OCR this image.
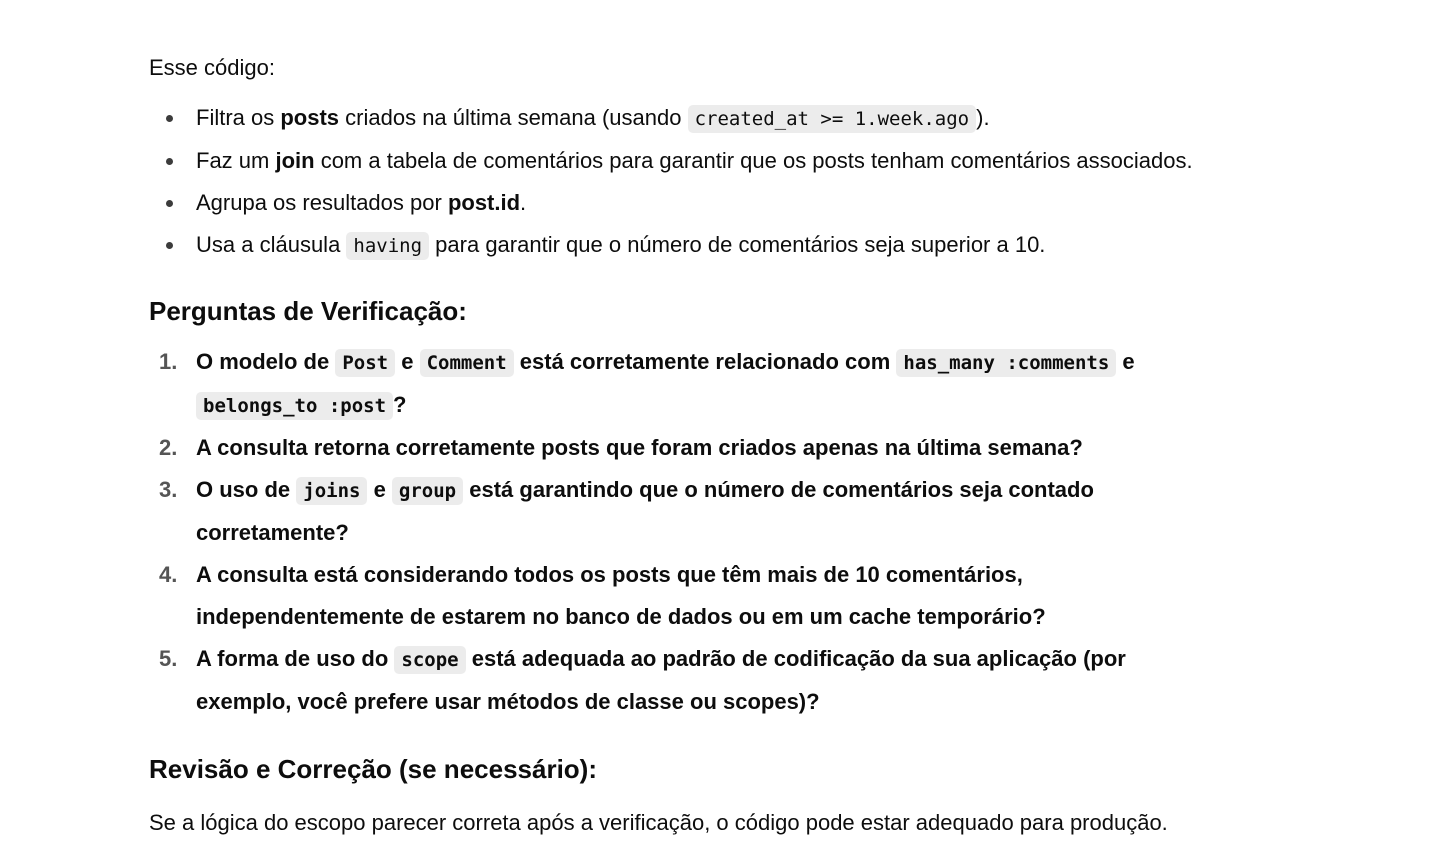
Esse código:

Filtra os posts criados na última semana (usando created_at >= 1.week.ago ).
Faz um join com a tabela de comentários para garantir que os posts tenham comentários associados.
Agrupa os resultados por post.id.
Usa a cláusula having para garantir que o número de comentários seja superior a 10.
Perguntas de Verificação:
1. O modelo de Post e Comment está corretamente relacionado com has_many :comments e
belongs_to :post ?
2. A consulta retorna corretamente posts que foram criados apenas na última semana?
3. O uso de joins e group está garantindo que o número de comentários seja contado
corretamente?
4. A consulta está considerando todos os posts que têm mais de 10 comentários,
independentemente de estarem no banco de dados ou em um cache temporário?
5. A forma de uso do scope está adequada ao padrão de codificação da sua aplicação (por
exemplo, você prefere usar métodos de classe ou scopes)?
Revisão e Correção (se necessário):

Se a lógica do escopo parecer correta após a verificação, o código pode estar adequado para produção.
